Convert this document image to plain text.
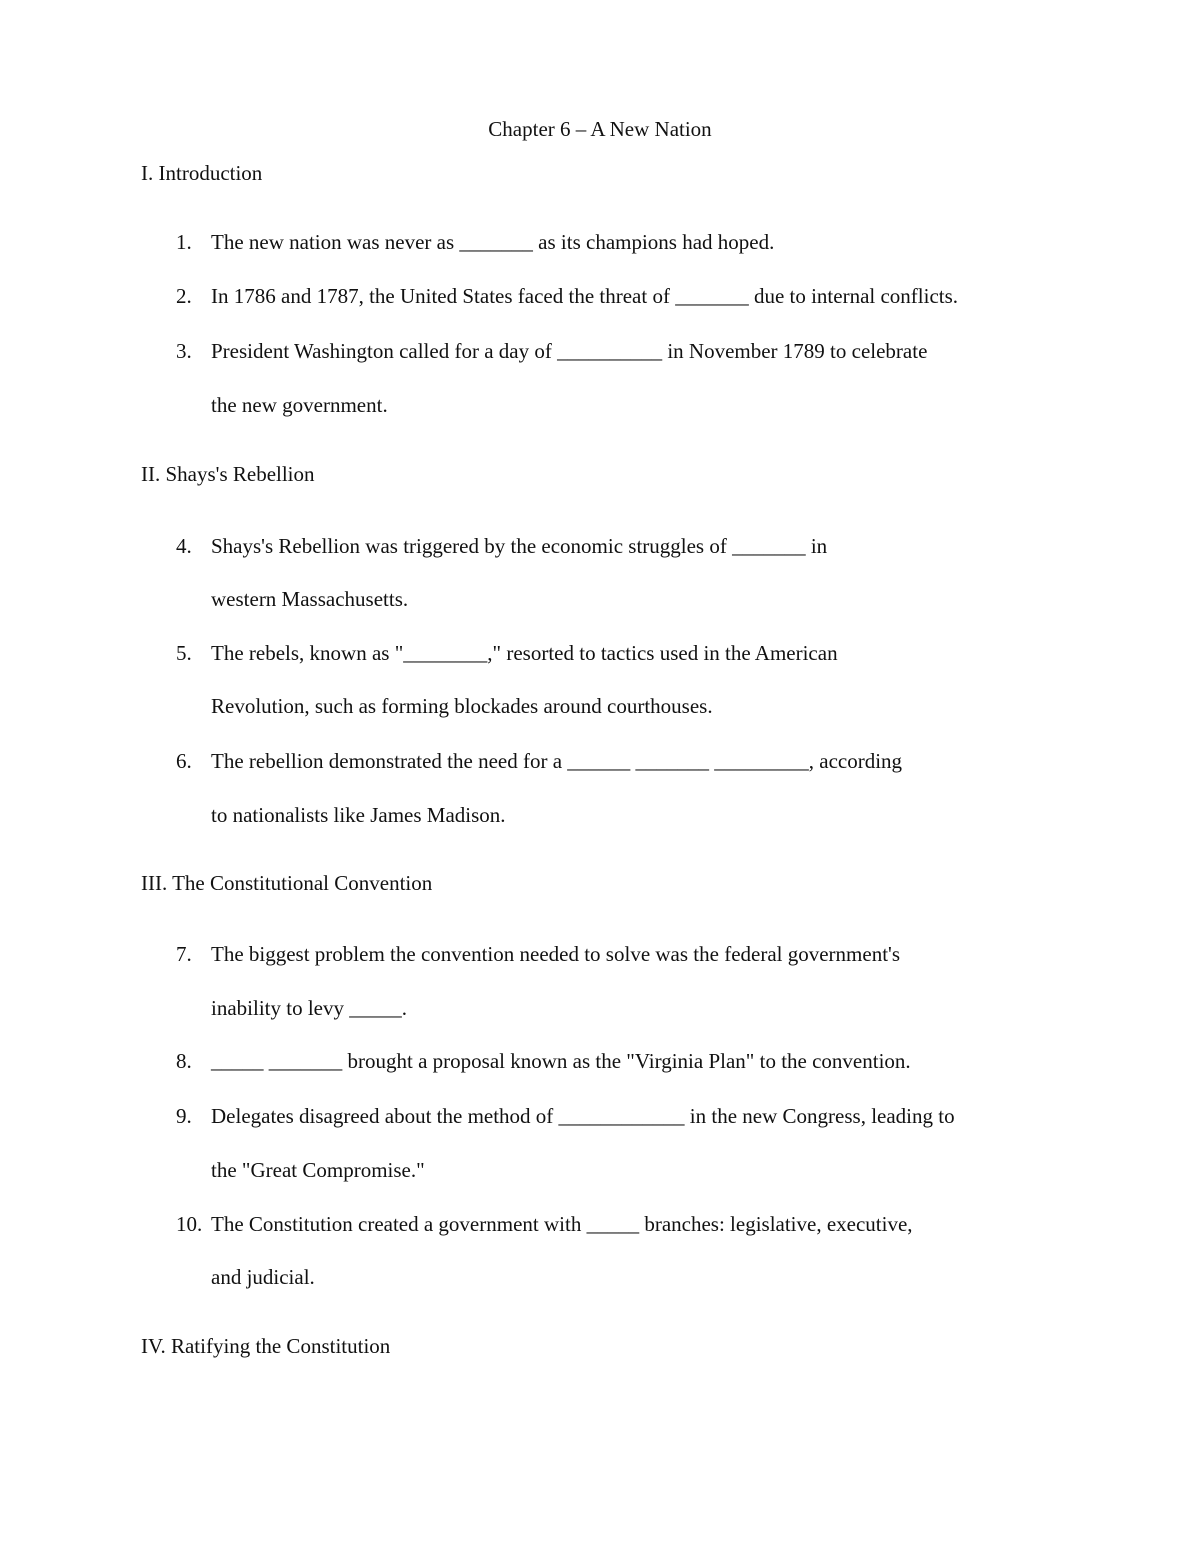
Chapter 6 – A New Nation
I. Introduction
1. The new nation was never as _______ as its champions had hoped.
2. In 1786 and 1787, the United States faced the threat of _______ due to internal conflicts.
3. President Washington called for a day of __________ in November 1789 to celebrate
the new government.
II. Shays's Rebellion
4. Shays's Rebellion was triggered by the economic struggles of _______ in
western Massachusetts.
5. The rebels, known as "________," resorted to tactics used in the American
Revolution, such as forming blockades around courthouses.
6. The rebellion demonstrated the need for a ______ _______ _________, according
to nationalists like James Madison.
III. The Constitutional Convention
7. The biggest problem the convention needed to solve was the federal government's
inability to levy _____.
8. _____ _______ brought a proposal known as the "Virginia Plan" to the convention.
9. Delegates disagreed about the method of ____________ in the new Congress, leading to
the "Great Compromise."
10. The Constitution created a government with _____ branches: legislative, executive,
and judicial.
IV. Ratifying the Constitution
